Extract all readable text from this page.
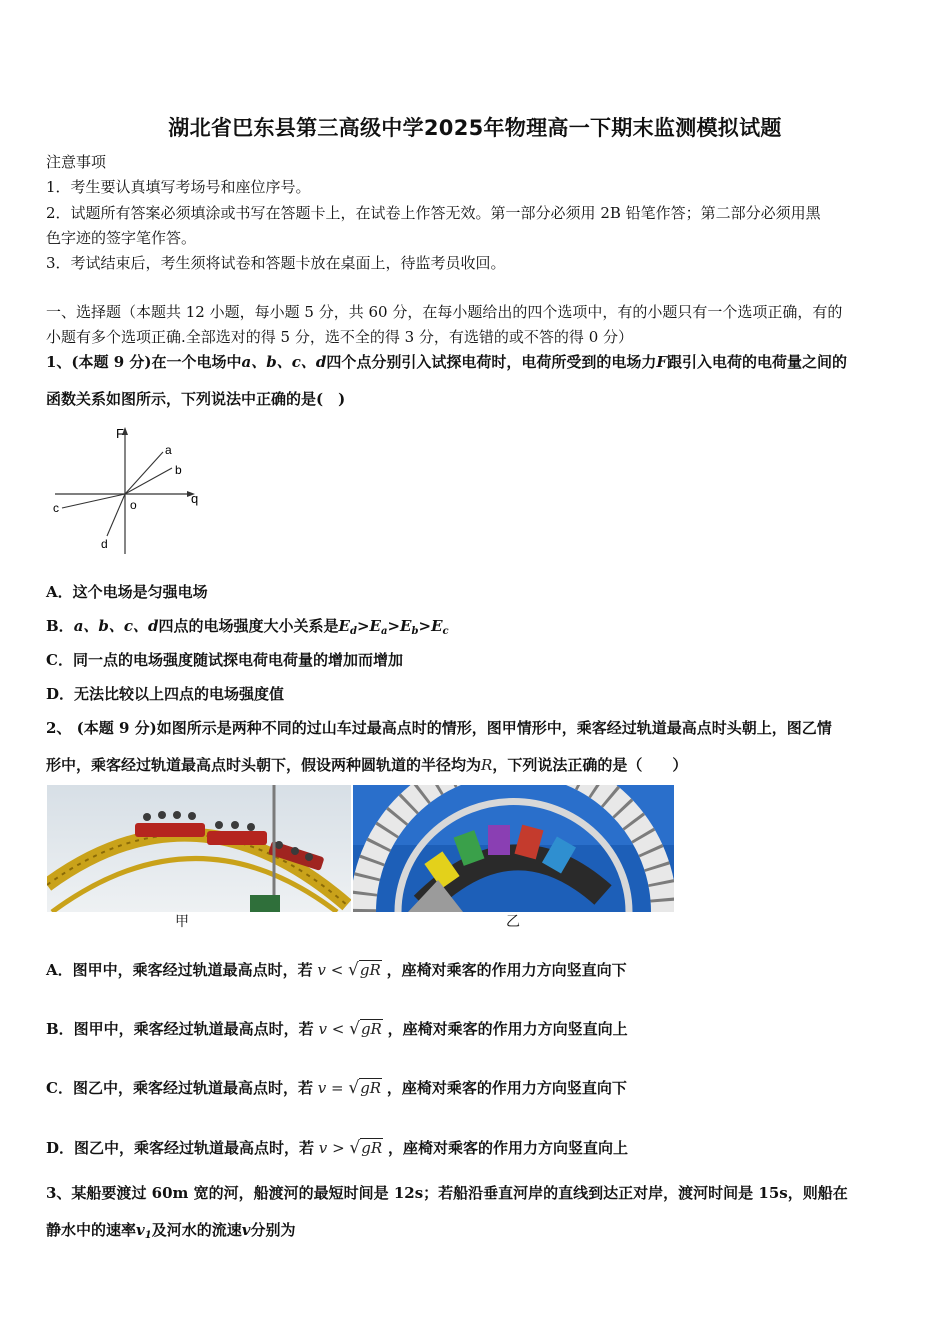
湖北省巴东县第三高级中学2025年物理高一下期末监测模拟试题
注意事项
1．考生要认真填写考场号和座位序号。
2．试题所有答案必须填涂或书写在答题卡上，在试卷上作答无效。第一部分必须用 2B 铅笔作答；第二部分必须用黑
色字迹的签字笔作答。
3．考试结束后，考生须将试卷和答题卡放在桌面上，待监考员收回。
一、选择题（本题共 12 小题，每小题 5 分，共 60 分，在每小题给出的四个选项中，有的小题只有一个选项正确，有的
小题有多个选项正确.全部选对的得 5 分，选不全的得 3 分，有选错的或不答的得 0 分）
1、(本题 9 分)在一个电场中a、b、c、d四个点分别引入试探电荷时，电荷所受到的电场力F跟引入电荷的电荷量之间的
函数关系如图所示，下列说法中正确的是(　)
F
q
o
a
b
c
d
A．这个电场是匀强电场
B．a、b、c、d四点的电场强度大小关系是$E_d>E_a>E_b>E_c$
C．同一点的电场强度随试探电荷电荷量的增加而增加
D．无法比较以上四点的电场强度值
2、 (本题 9 分)如图所示是两种不同的过山车过最高点时的情形，图甲情形中，乘客经过轨道最高点时头朝上，图乙情
形中，乘客经过轨道最高点时头朝下，假设两种圆轨道的半径均为R，下列说法正确的是（　　）
甲	乙
A．图甲中，乘客经过轨道最高点时，若 v < √gR ，座椅对乘客的作用力方向竖直向下
B．图甲中，乘客经过轨道最高点时，若 v < √gR ，座椅对乘客的作用力方向竖直向上
C．图乙中，乘客经过轨道最高点时，若 v = √gR ，座椅对乘客的作用力方向竖直向下
D．图乙中，乘客经过轨道最高点时，若 v > √gR ，座椅对乘客的作用力方向竖直向上
3、某船要渡过 60m 宽的河，船渡河的最短时间是 12s；若船沿垂直河岸的直线到达正对岸，渡河时间是 15s，则船在
静水中的速率$v_1$及河水的流速v分别为
